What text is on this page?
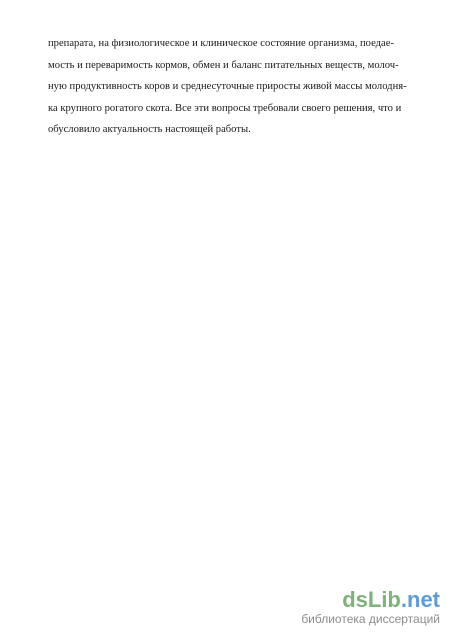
препарата, на физиологическое и клиническое состояние организма, поедае-
мость и переваримость кормов, обмен и баланс питательных веществ, молоч-
ную продуктивность коров и среднесуточные приросты живой массы молодня-
ка крупного рогатого скота. Все эти вопросы требовали своего решения, что и
обусловило актуальность настоящей работы.
dsLib.net
библиотека диссертаций
